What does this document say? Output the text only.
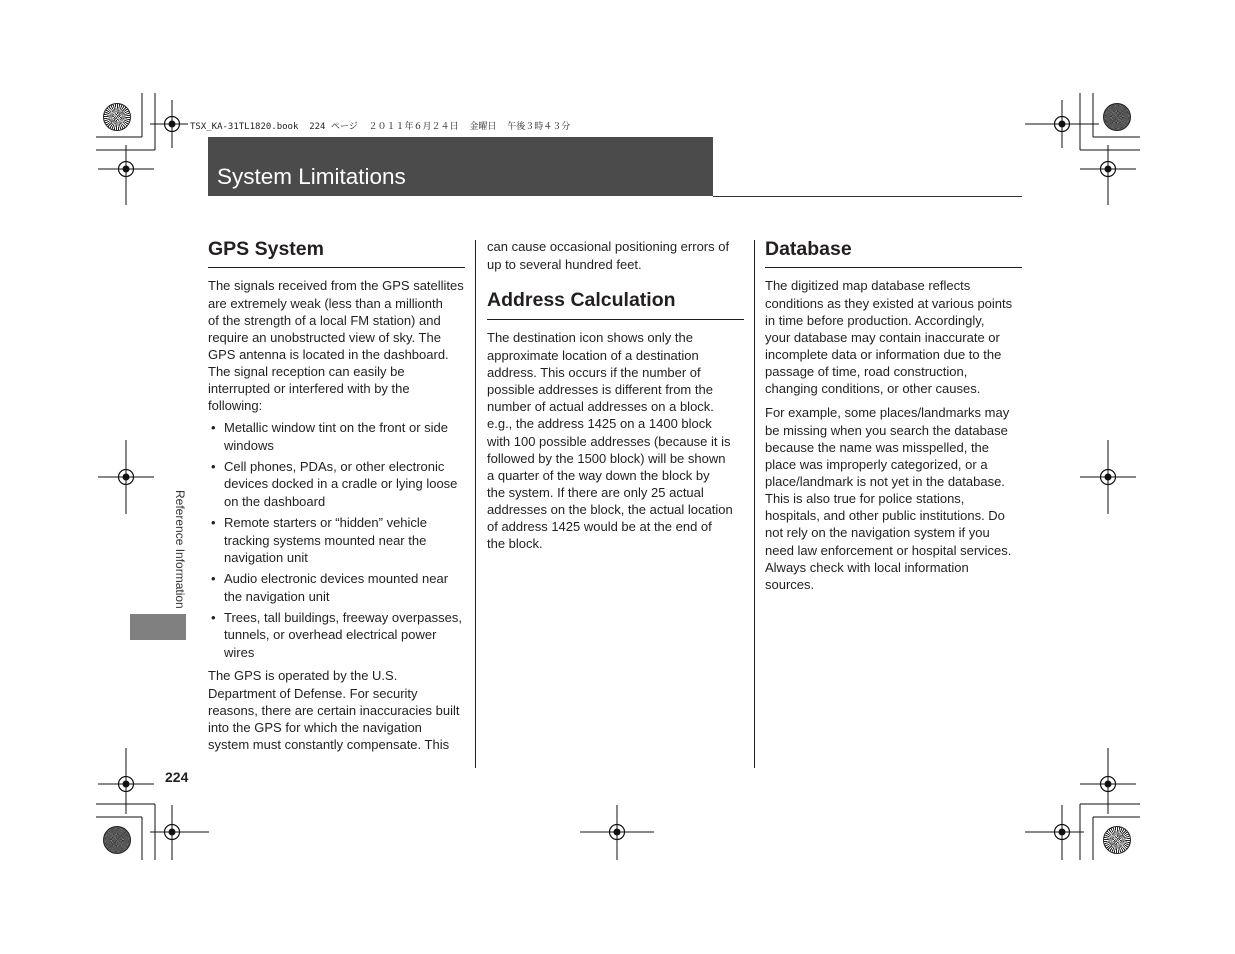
TSX_KA-31TL1820.book  224 ページ  ２０１１年６月２４日  金曜日  午後３時４３分
System Limitations
GPS System
The signals received from the GPS satellites
are extremely weak (less than a millionth
of the strength of a local FM station) and
require an unobstructed view of sky. The
GPS antenna is located in the dashboard.
The signal reception can easily be
interrupted or interfered with by the
following:
• Metallic window tint on the front or side
windows
• Cell phones, PDAs, or other electronic
devices docked in a cradle or lying loose
on the dashboard
• Remote starters or “hidden” vehicle
tracking systems mounted near the
navigation unit
• Audio electronic devices mounted near
the navigation unit
• Trees, tall buildings, freeway overpasses,
tunnels, or overhead electrical power
wires
The GPS is operated by the U.S.
Department of Defense. For security
reasons, there are certain inaccuracies built
into the GPS for which the navigation
system must constantly compensate. This
can cause occasional positioning errors of
up to several hundred feet.
Address Calculation
The destination icon shows only the
approximate location of a destination
address. This occurs if the number of
possible addresses is different from the
number of actual addresses on a block.
e.g., the address 1425 on a 1400 block
with 100 possible addresses (because it is
followed by the 1500 block) will be shown
a quarter of the way down the block by
the system. If there are only 25 actual
addresses on the block, the actual location
of address 1425 would be at the end of
the block.
Database
The digitized map database reflects
conditions as they existed at various points
in time before production. Accordingly,
your database may contain inaccurate or
incomplete data or information due to the
passage of time, road construction,
changing conditions, or other causes.
For example, some places/landmarks may
be missing when you search the database
because the name was misspelled, the
place was improperly categorized, or a
place/landmark is not yet in the database.
This is also true for police stations,
hospitals, and other public institutions. Do
not rely on the navigation system if you
need law enforcement or hospital services.
Always check with local information
sources.
Reference Information
224
